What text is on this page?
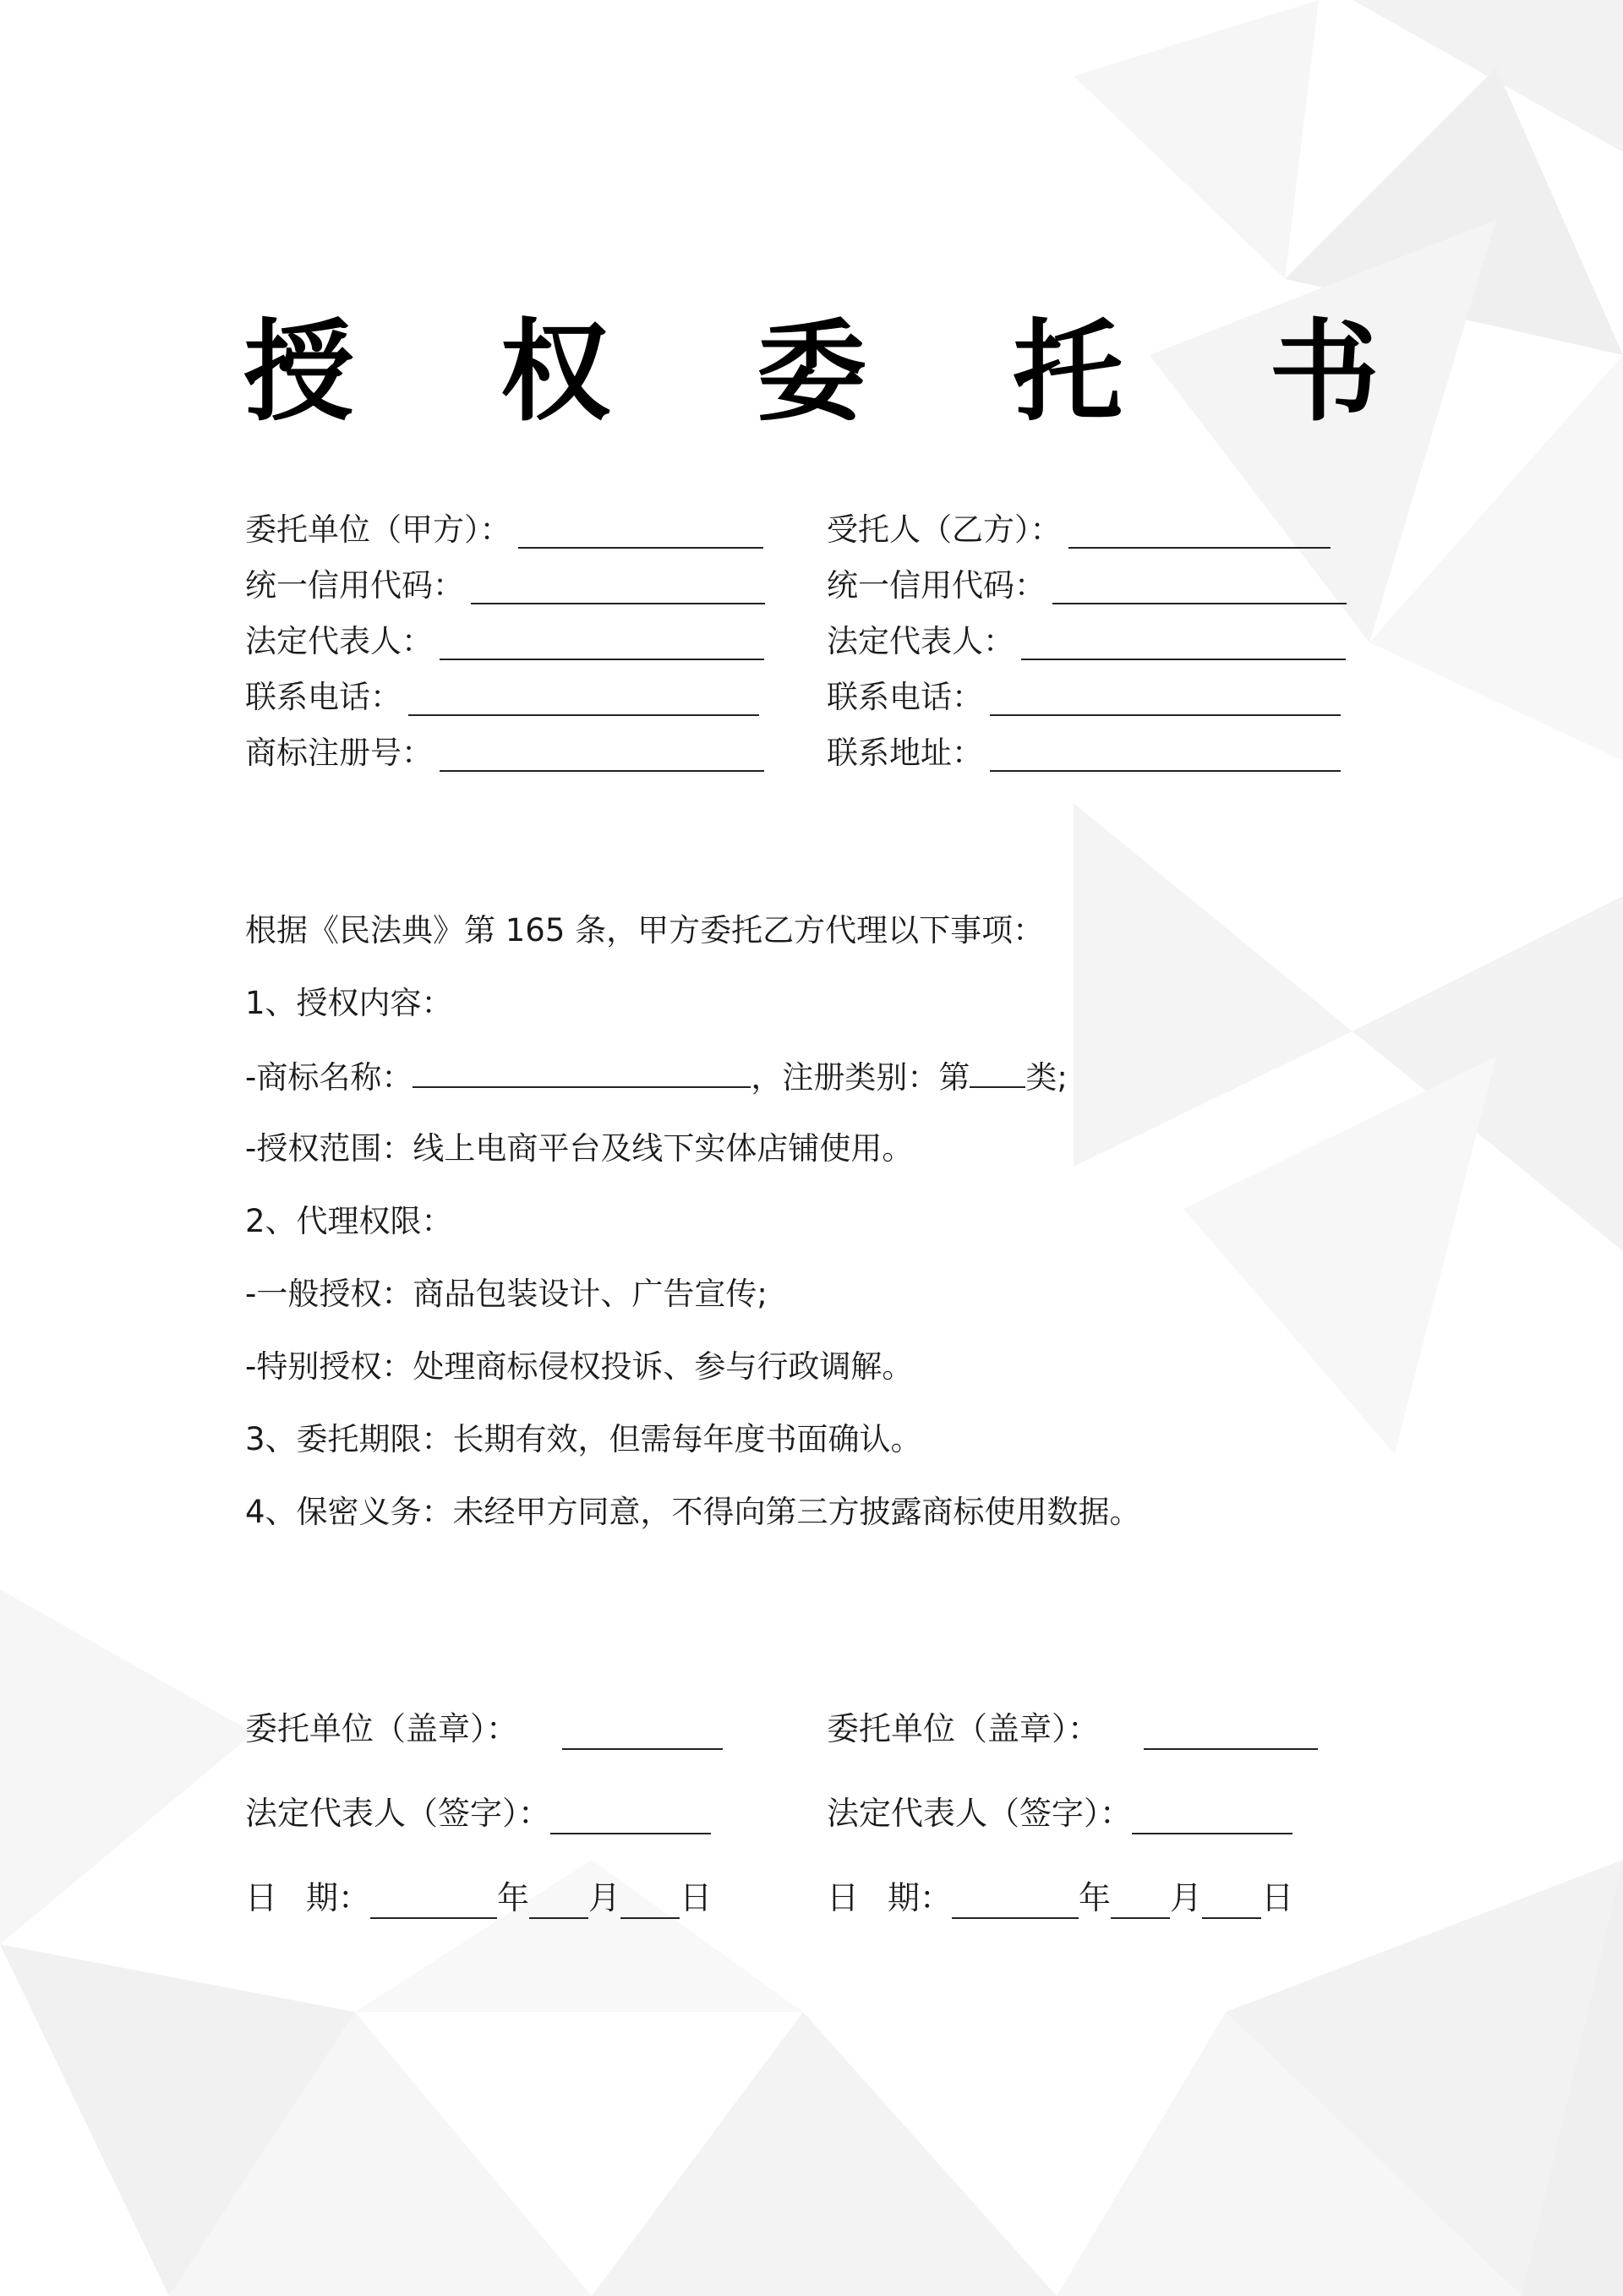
授 权 委 托 书
委托单位（甲方）：	受托人（乙方）：
统一信用代码：	统一信用代码：
法定代表人：	法定代表人：
联系电话：	联系电话：
商标注册号：	联系地址：

根据《民法典》第 165 条，甲方委托乙方代理以下事项：

1、授权内容：

-商标名称：	，注册类别：第 类;

-授权范围：线上电商平台及线下实体店铺使用。

2、代理权限：

-一般授权：商品包装设计、广告宣传;

-特别授权：处理商标侵权投诉、参与行政调解。

3、委托期限：长期有效，但需每年度书面确认。

4、保密义务：未经甲方同意，不得向第三方披露商标使用数据。

委托单位（盖章）：	委托单位（盖章）：
法定代表人（签字）：	法定代表人（签字）：
日 期：	年 月 日	日 期：	年 月 日
